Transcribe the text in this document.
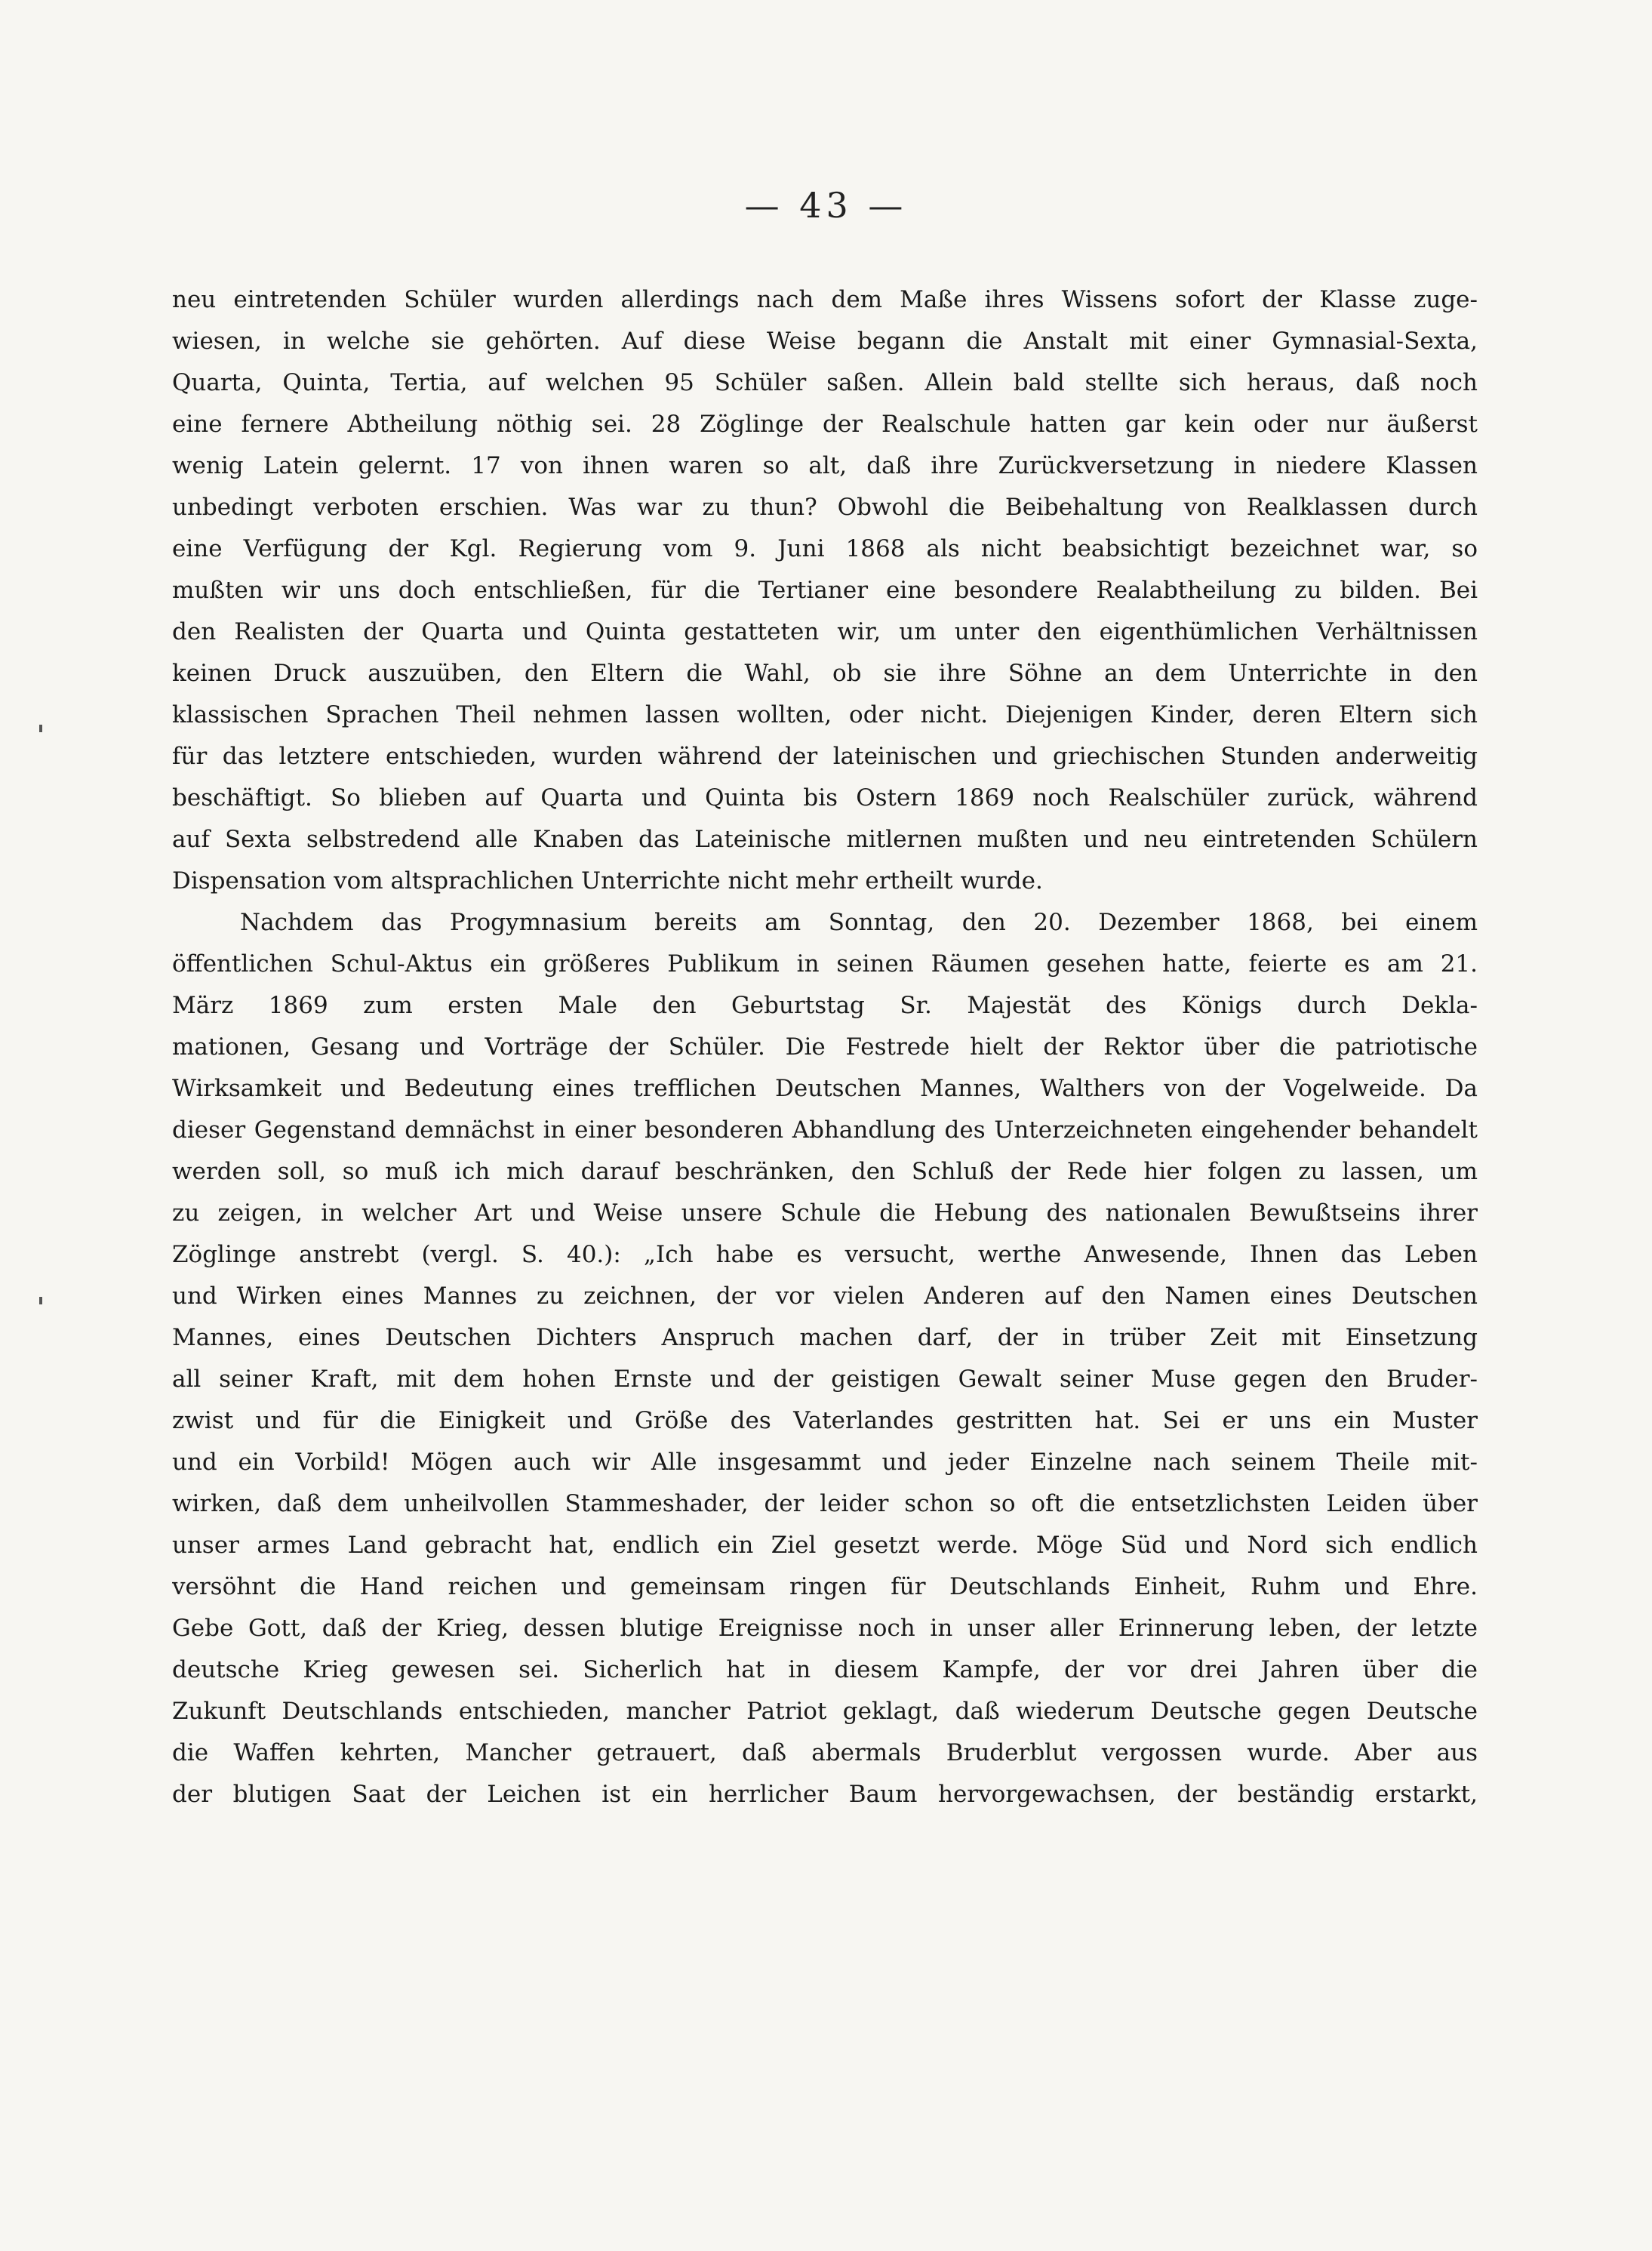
— 43 —
neu eintretenden Schüler wurden allerdings nach dem Maße ihres Wissens sofort der Klasse zuge-
wiesen, in welche sie gehörten. Auf diese Weise begann die Anstalt mit einer Gymnasial-Sexta,
Quarta, Quinta, Tertia, auf welchen 95 Schüler saßen. Allein bald stellte sich heraus, daß noch
eine fernere Abtheilung nöthig sei. 28 Zöglinge der Realschule hatten gar kein oder nur äußerst
wenig Latein gelernt. 17 von ihnen waren so alt, daß ihre Zurückversetzung in niedere Klassen
unbedingt verboten erschien. Was war zu thun? Obwohl die Beibehaltung von Realklassen durch
eine Verfügung der Kgl. Regierung vom 9. Juni 1868 als nicht beabsichtigt bezeichnet war, so
mußten wir uns doch entschließen, für die Tertianer eine besondere Realabtheilung zu bilden. Bei
den Realisten der Quarta und Quinta gestatteten wir, um unter den eigenthümlichen Verhältnissen
keinen Druck auszuüben, den Eltern die Wahl, ob sie ihre Söhne an dem Unterrichte in den
klassischen Sprachen Theil nehmen lassen wollten, oder nicht. Diejenigen Kinder, deren Eltern sich
für das letztere entschieden, wurden während der lateinischen und griechischen Stunden anderweitig
beschäftigt. So blieben auf Quarta und Quinta bis Ostern 1869 noch Realschüler zurück, während
auf Sexta selbstredend alle Knaben das Lateinische mitlernen mußten und neu eintretenden Schülern
Dispensation vom altsprachlichen Unterrichte nicht mehr ertheilt wurde.
Nachdem das Progymnasium bereits am Sonntag, den 20. Dezember 1868, bei einem
öffentlichen Schul-Aktus ein größeres Publikum in seinen Räumen gesehen hatte, feierte es am 21.
März 1869 zum ersten Male den Geburtstag Sr. Majestät des Königs durch Dekla-
mationen, Gesang und Vorträge der Schüler. Die Festrede hielt der Rektor über die patriotische
Wirksamkeit und Bedeutung eines trefflichen Deutschen Mannes, Walthers von der Vogelweide. Da
dieser Gegenstand demnächst in einer besonderen Abhandlung des Unterzeichneten eingehender behandelt
werden soll, so muß ich mich darauf beschränken, den Schluß der Rede hier folgen zu lassen, um
zu zeigen, in welcher Art und Weise unsere Schule die Hebung des nationalen Bewußtseins ihrer
Zöglinge anstrebt (vergl. S. 40.): „Ich habe es versucht, werthe Anwesende, Ihnen das Leben
und Wirken eines Mannes zu zeichnen, der vor vielen Anderen auf den Namen eines Deutschen
Mannes, eines Deutschen Dichters Anspruch machen darf, der in trüber Zeit mit Einsetzung
all seiner Kraft, mit dem hohen Ernste und der geistigen Gewalt seiner Muse gegen den Bruder-
zwist und für die Einigkeit und Größe des Vaterlandes gestritten hat. Sei er uns ein Muster
und ein Vorbild! Mögen auch wir Alle insgesammt und jeder Einzelne nach seinem Theile mit-
wirken, daß dem unheilvollen Stammeshader, der leider schon so oft die entsetzlichsten Leiden über
unser armes Land gebracht hat, endlich ein Ziel gesetzt werde. Möge Süd und Nord sich endlich
versöhnt die Hand reichen und gemeinsam ringen für Deutschlands Einheit, Ruhm und Ehre.
Gebe Gott, daß der Krieg, dessen blutige Ereignisse noch in unser aller Erinnerung leben, der letzte
deutsche Krieg gewesen sei. Sicherlich hat in diesem Kampfe, der vor drei Jahren über die
Zukunft Deutschlands entschieden, mancher Patriot geklagt, daß wiederum Deutsche gegen Deutsche
die Waffen kehrten, Mancher getrauert, daß abermals Bruderblut vergossen wurde. Aber aus
der blutigen Saat der Leichen ist ein herrlicher Baum hervorgewachsen, der beständig erstarkt,
